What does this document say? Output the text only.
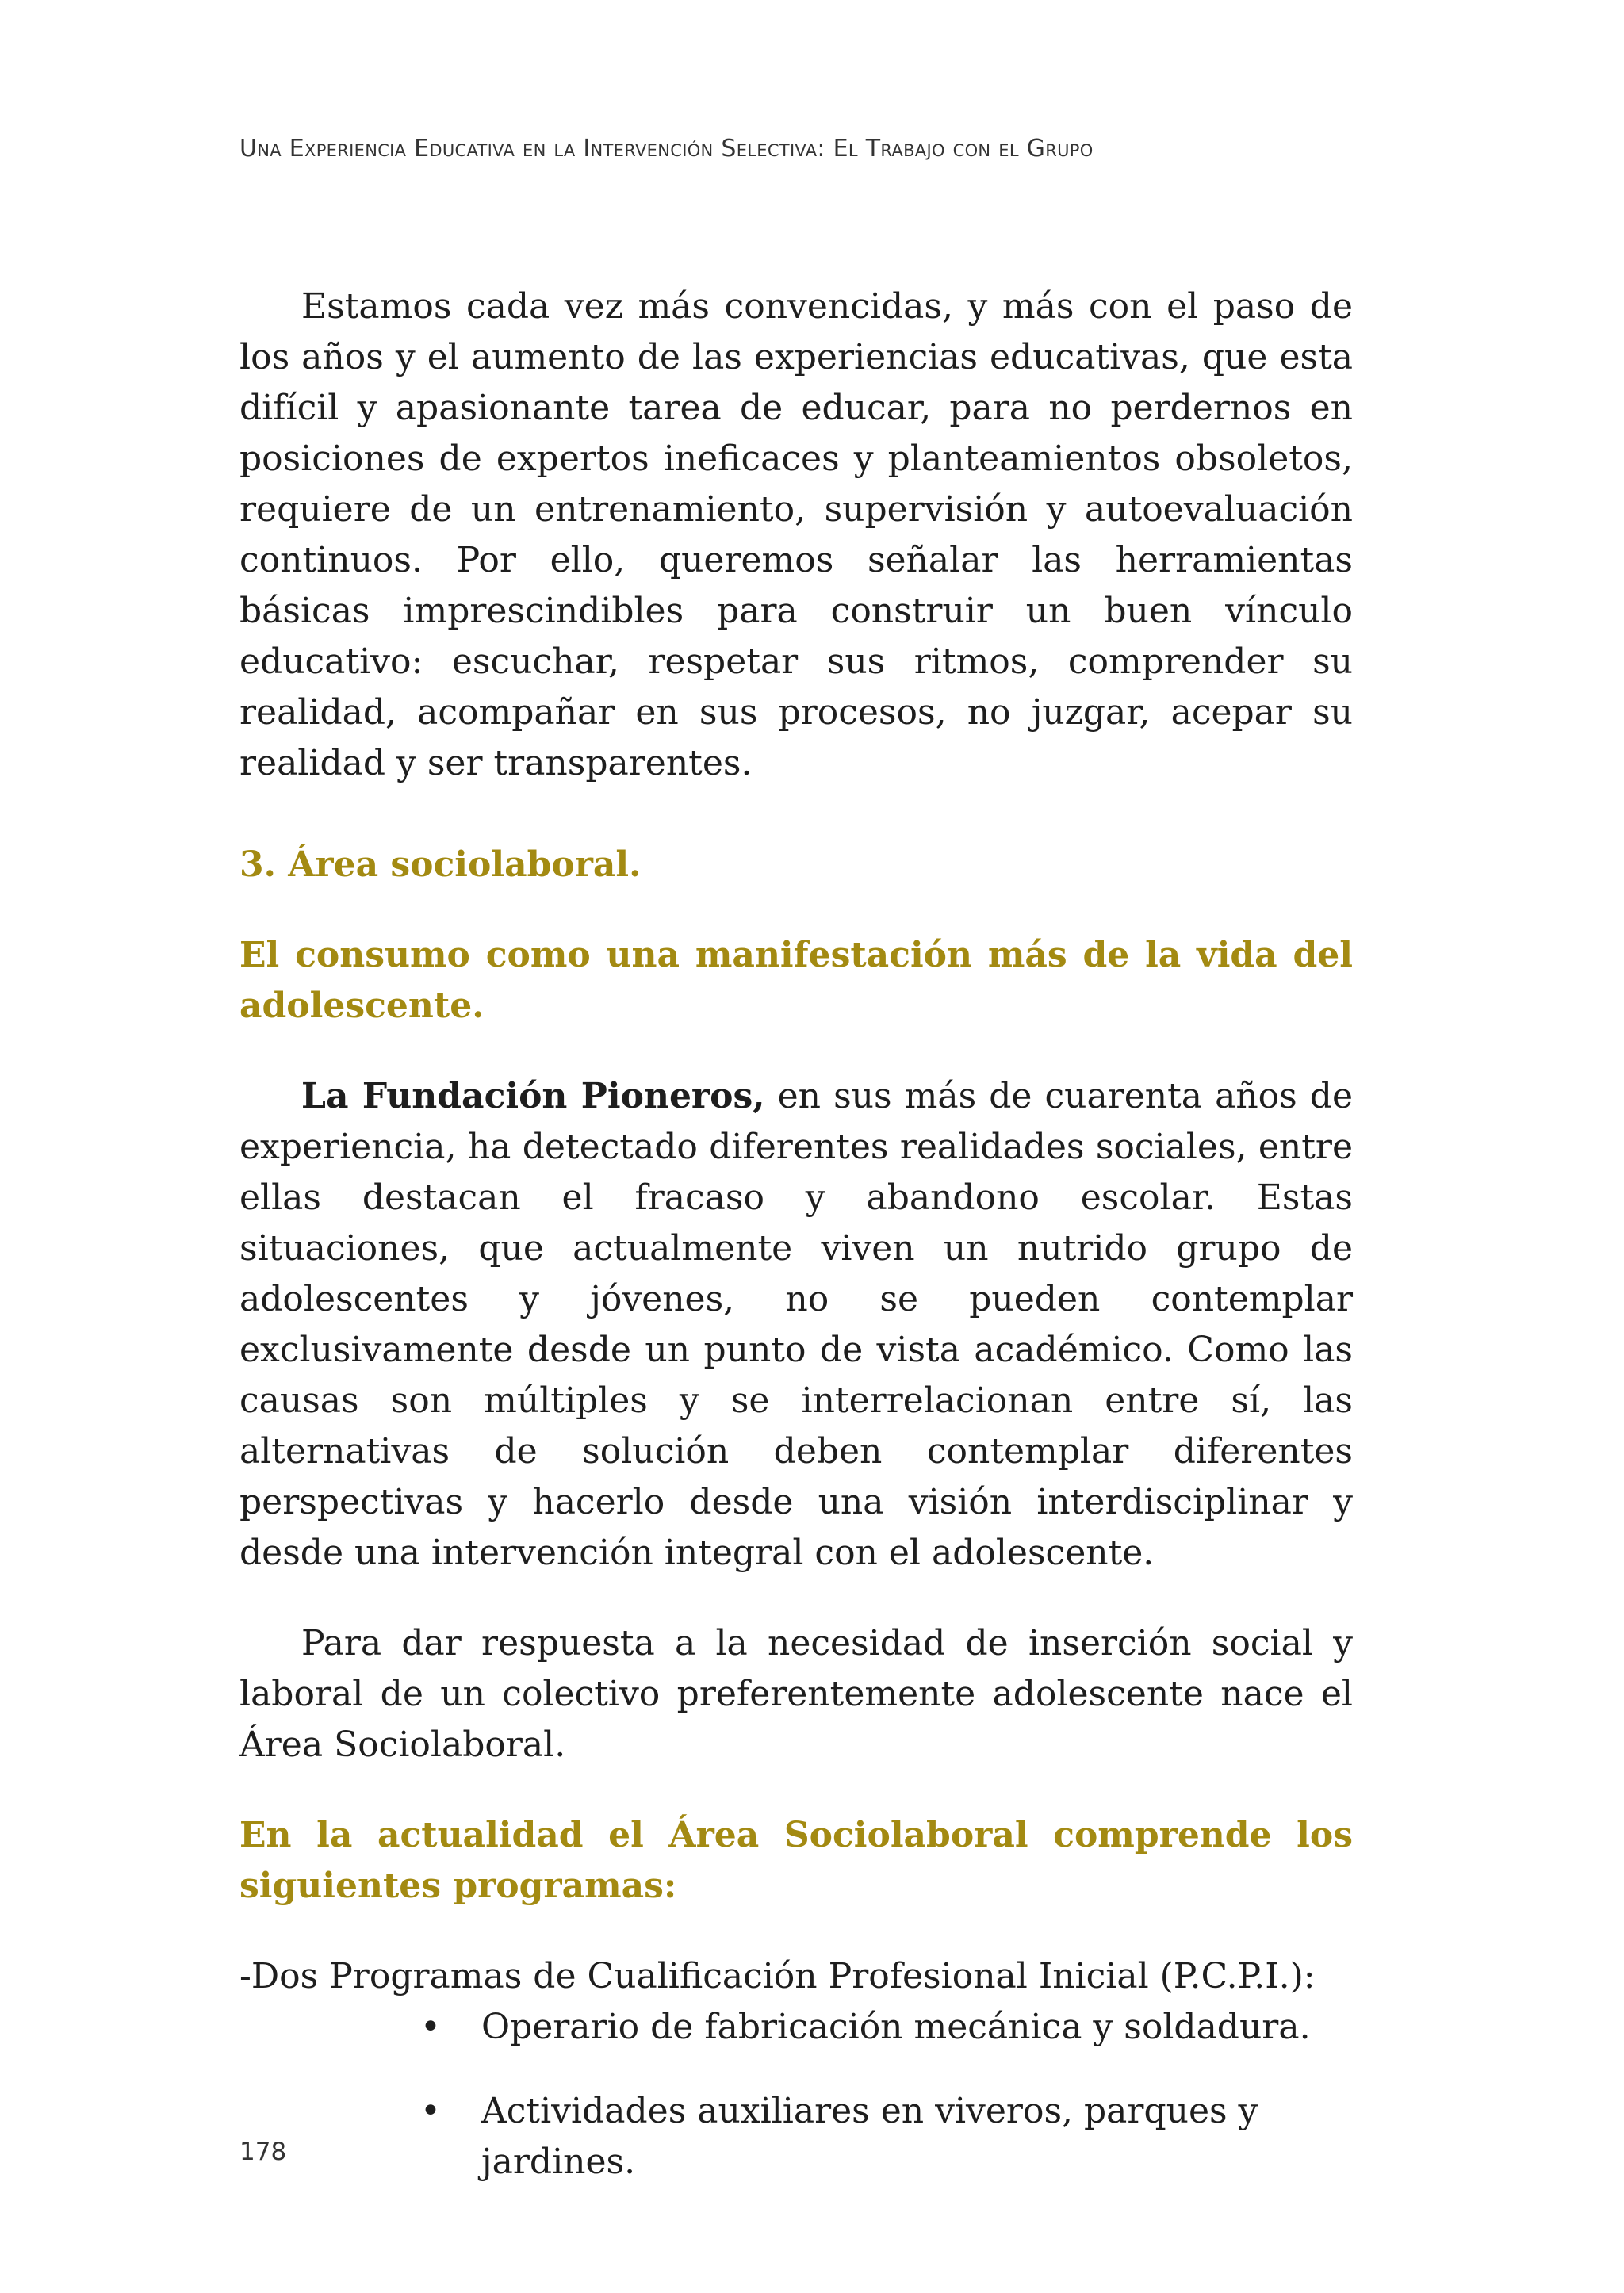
Una Experiencia Educativa en la Intervención Selectiva: El Trabajo con el Grupo

Estamos cada vez más convencidas, y más con el paso de los años y el aumento de las experiencias educativas, que esta difícil y apasionante tarea de educar, para no perdernos en posiciones de expertos ineficaces y planteamientos obsoletos, requiere de un entrenamiento, supervisión y autoevaluación continuos. Por ello, queremos señalar las herramientas básicas imprescindibles para construir un buen vínculo educativo: escuchar, respetar sus ritmos, comprender su realidad, acompañar en sus procesos, no juzgar, acepar su realidad y ser transparentes.

3. Área sociolaboral.

El consumo como una manifestación más de la vida del adolescente.

La Fundación Pioneros, en sus más de cuarenta años de experiencia, ha detectado diferentes realidades sociales, entre ellas destacan el fracaso y abandono escolar. Estas situaciones, que actualmente viven un nutrido grupo de adolescentes y jóvenes, no se pueden contemplar exclusivamente desde un punto de vista académico. Como las causas son múltiples y se interrelacionan entre sí, las alternativas de solución deben contemplar diferentes perspectivas y hacerlo desde una visión interdisciplinar y desde una intervención integral con el adolescente.

Para dar respuesta a la necesidad de inserción social y laboral de un colectivo preferentemente adolescente nace el Área Sociolaboral.

En la actualidad el Área Sociolaboral comprende los siguientes programas:

-Dos Programas de Cualificación Profesional Inicial (P.C.P.I.):

• Operario de fabricación mecánica y soldadura.
• Actividades auxiliares en viveros, parques y jardines.
178
